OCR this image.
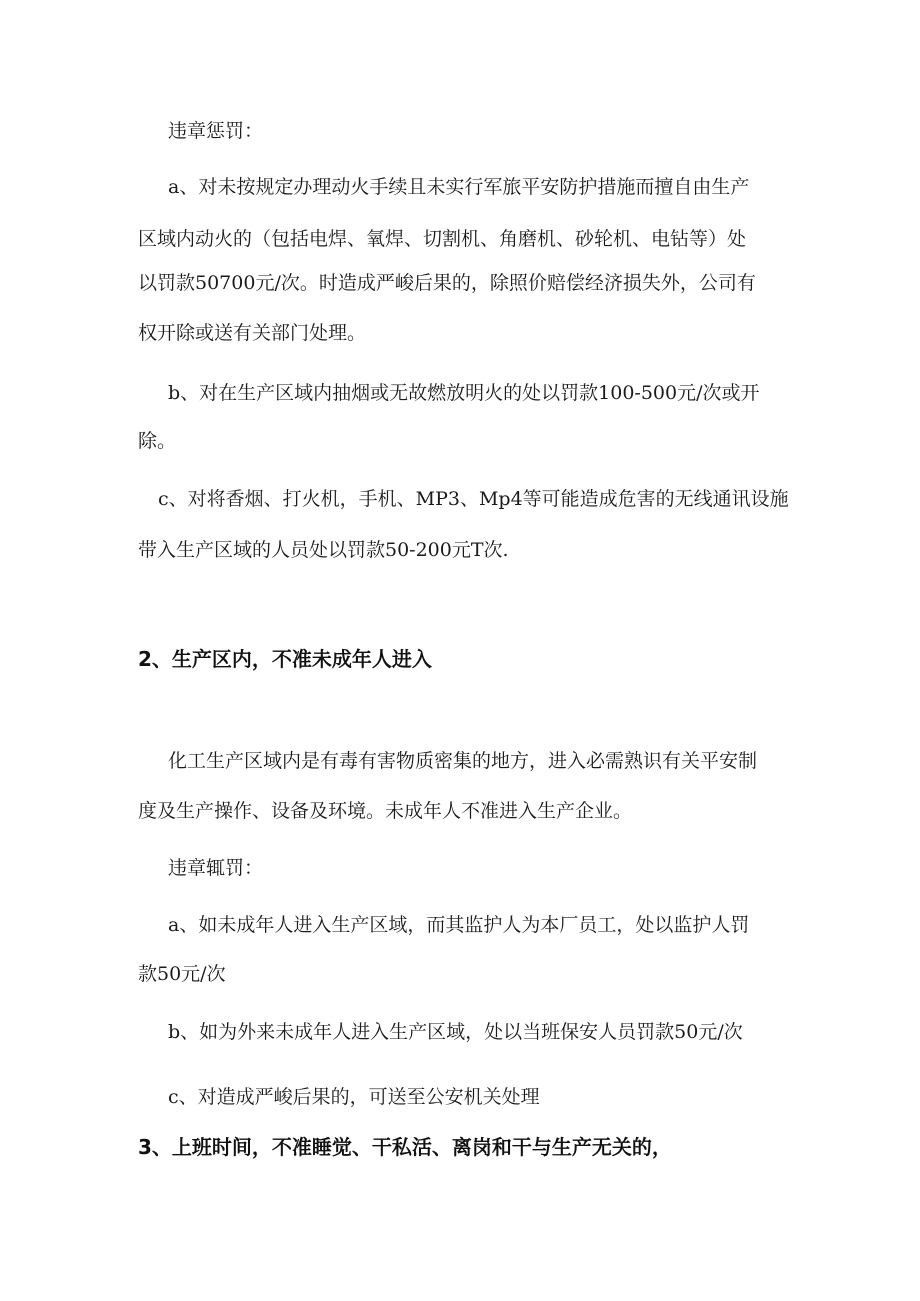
违章惩罚：
a、对未按规定办理动火手续且未实行军旅平安防护措施而擅自由生产
区域内动火的（包括电焊、氧焊、切割机、角磨机、砂轮机、电钻等）处
以罚款50700元/次。时造成严峻后果的，除照价赔偿经济损失外，公司有
权开除或送有关部门处理。
b、对在生产区域内抽烟或无故燃放明火的处以罚款100-500元/次或开
除。
c、对将香烟、打火机，手机、MP3、Mp4等可能造成危害的无线通讯设施
带入生产区域的人员处以罚款50-200元T次.
2、生产区内，不准未成年人进入
化工生产区域内是有毒有害物质密集的地方，进入必需熟识有关平安制
度及生产操作、设备及环境。未成年人不准进入生产企业。
违章辄罚：
a、如未成年人进入生产区域，而其监护人为本厂员工，处以监护人罚
款50元/次
b、如为外来未成年人进入生产区域，处以当班保安人员罚款50元/次
c、对造成严峻后果的，可送至公安机关处理
3、上班时间，不准睡觉、干私活、离岗和干与生产无关的，
